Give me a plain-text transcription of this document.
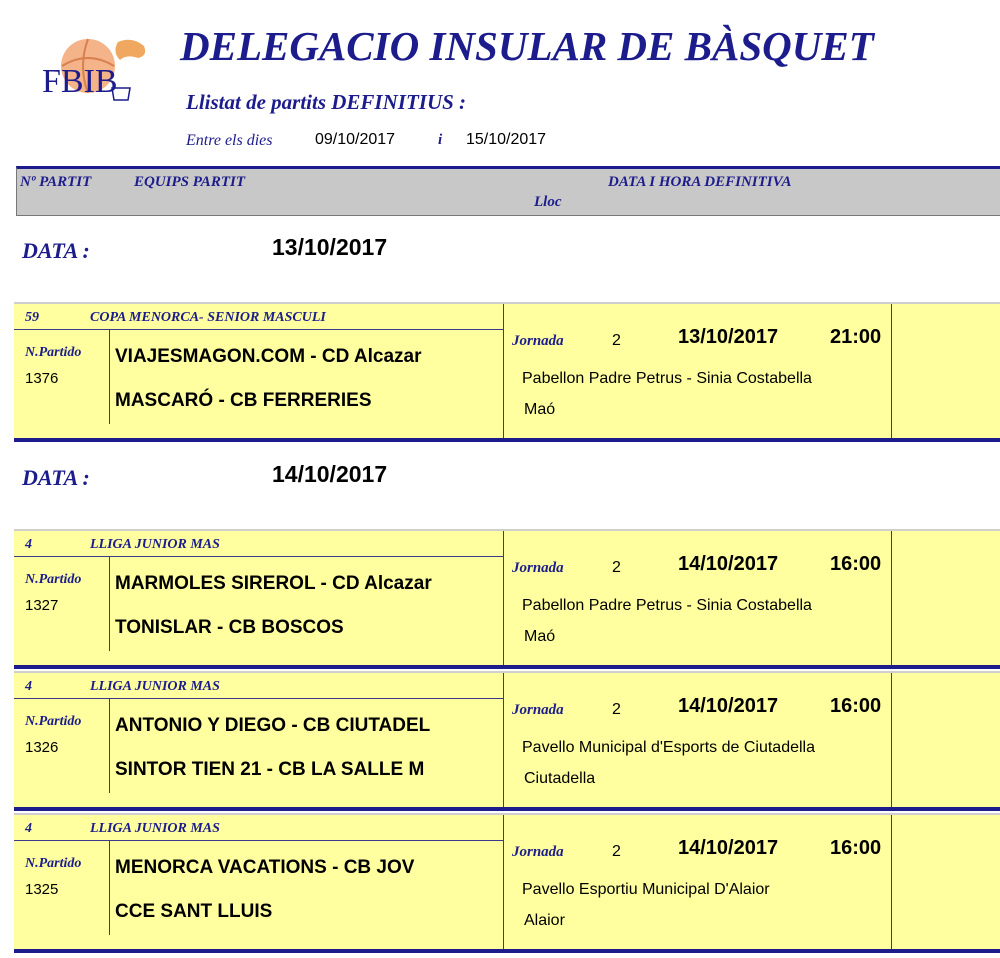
FBIB
DELEGACIO INSULAR DE BÀSQUET
Llistat de partits DEFINITIUS :
Entre els dies	09/10/2017	i 15/10/2017
Nº PARTIT	EQUIPS PARTIT	DATA I HORA DEFINITIVA
Lloc
DATA :	13/10/2017
59	COPA MENORCA- SENIOR MASCULI
N.Partido
1376
VIAJESMAGON.COM - CD Alcazar
MASCARÓ - CB FERRERIES
Jornada	2	13/10/2017	21:00
Pabellon Padre Petrus - Sinia Costabella
Maó
DATA :	14/10/2017
4	LLIGA JUNIOR MAS
N.Partido
1327
MARMOLES SIREROL - CD Alcazar
TONISLAR - CB BOSCOS
Jornada	2	14/10/2017	16:00
Pabellon Padre Petrus - Sinia Costabella
Maó
4	LLIGA JUNIOR MAS
N.Partido
1326
ANTONIO Y DIEGO - CB CIUTADEL
SINTOR TIEN 21 - CB LA SALLE M
Jornada	2	14/10/2017	16:00
Pavello Municipal d'Esports de Ciutadella
Ciutadella
4	LLIGA JUNIOR MAS
N.Partido
1325
MENORCA VACATIONS - CB JOV
CCE SANT LLUIS
Jornada	2	14/10/2017	16:00
Pavello Esportiu Municipal D'Alaior
Alaior
